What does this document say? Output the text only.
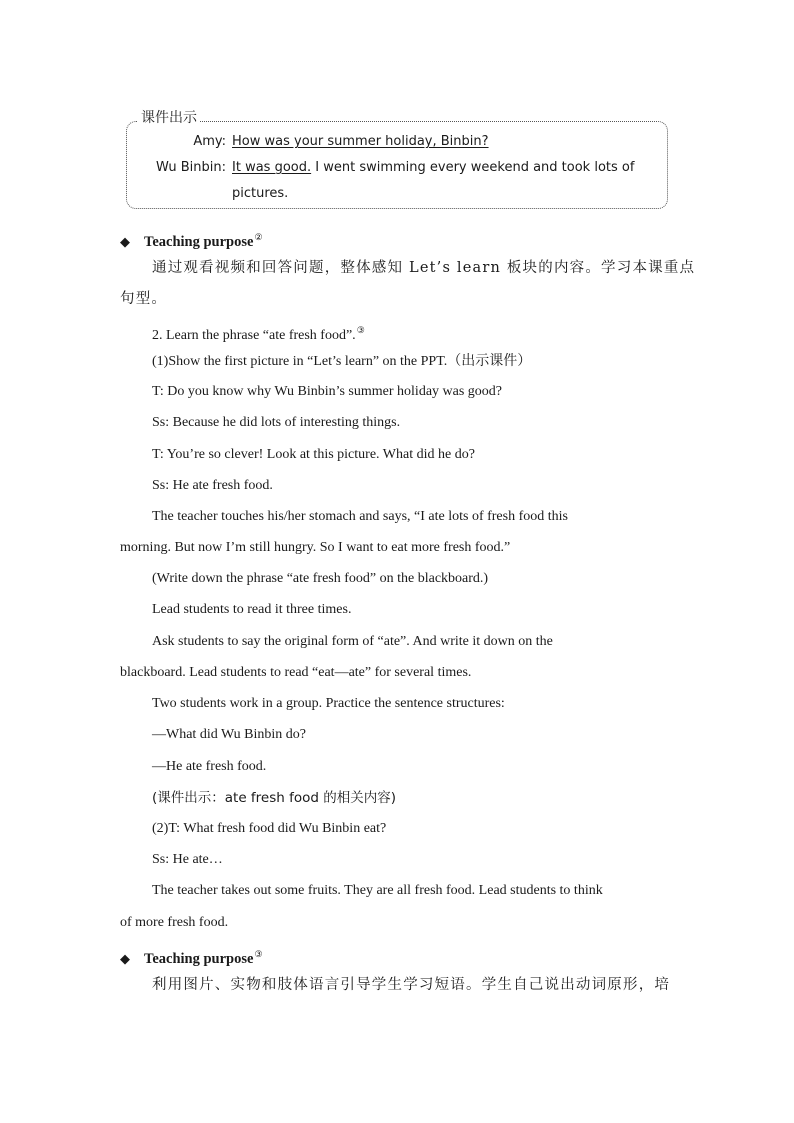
课件出示
Amy: How was your summer holiday, Binbin?
Wu Binbin: It was good. I went swimming every weekend and took lots of
pictures.
◆ Teaching purpose②
通过观看视频和回答问题，整体感知 Let’s learn 板块的内容。学习本课重点
句型。
2. Learn the phrase “ate fresh food”.③
(1)Show the first picture in “Let’s learn” on the PPT.（出示课件）
T: Do you know why Wu Binbin’s summer holiday was good?
Ss: Because he did lots of interesting things.
T: You’re so clever! Look at this picture. What did he do?
Ss: He ate fresh food.
The teacher touches his/her stomach and says, “I ate lots of fresh food this
morning. But now I’m still hungry. So I want to eat more fresh food.”
(Write down the phrase “ate fresh food” on the blackboard.)
Lead students to read it three times.
Ask students to say the original form of “ate”. And write it down on the
blackboard. Lead students to read “eat—ate” for several times.
Two students work in a group. Practice the sentence structures:
—What did Wu Binbin do?
—He ate fresh food.
(课件出示：ate fresh food 的相关内容)
(2)T: What fresh food did Wu Binbin eat?
Ss: He ate…
The teacher takes out some fruits. They are all fresh food. Lead students to think
of more fresh food.
◆ Teaching purpose③
利用图片、实物和肢体语言引导学生学习短语。学生自己说出动词原形，培
